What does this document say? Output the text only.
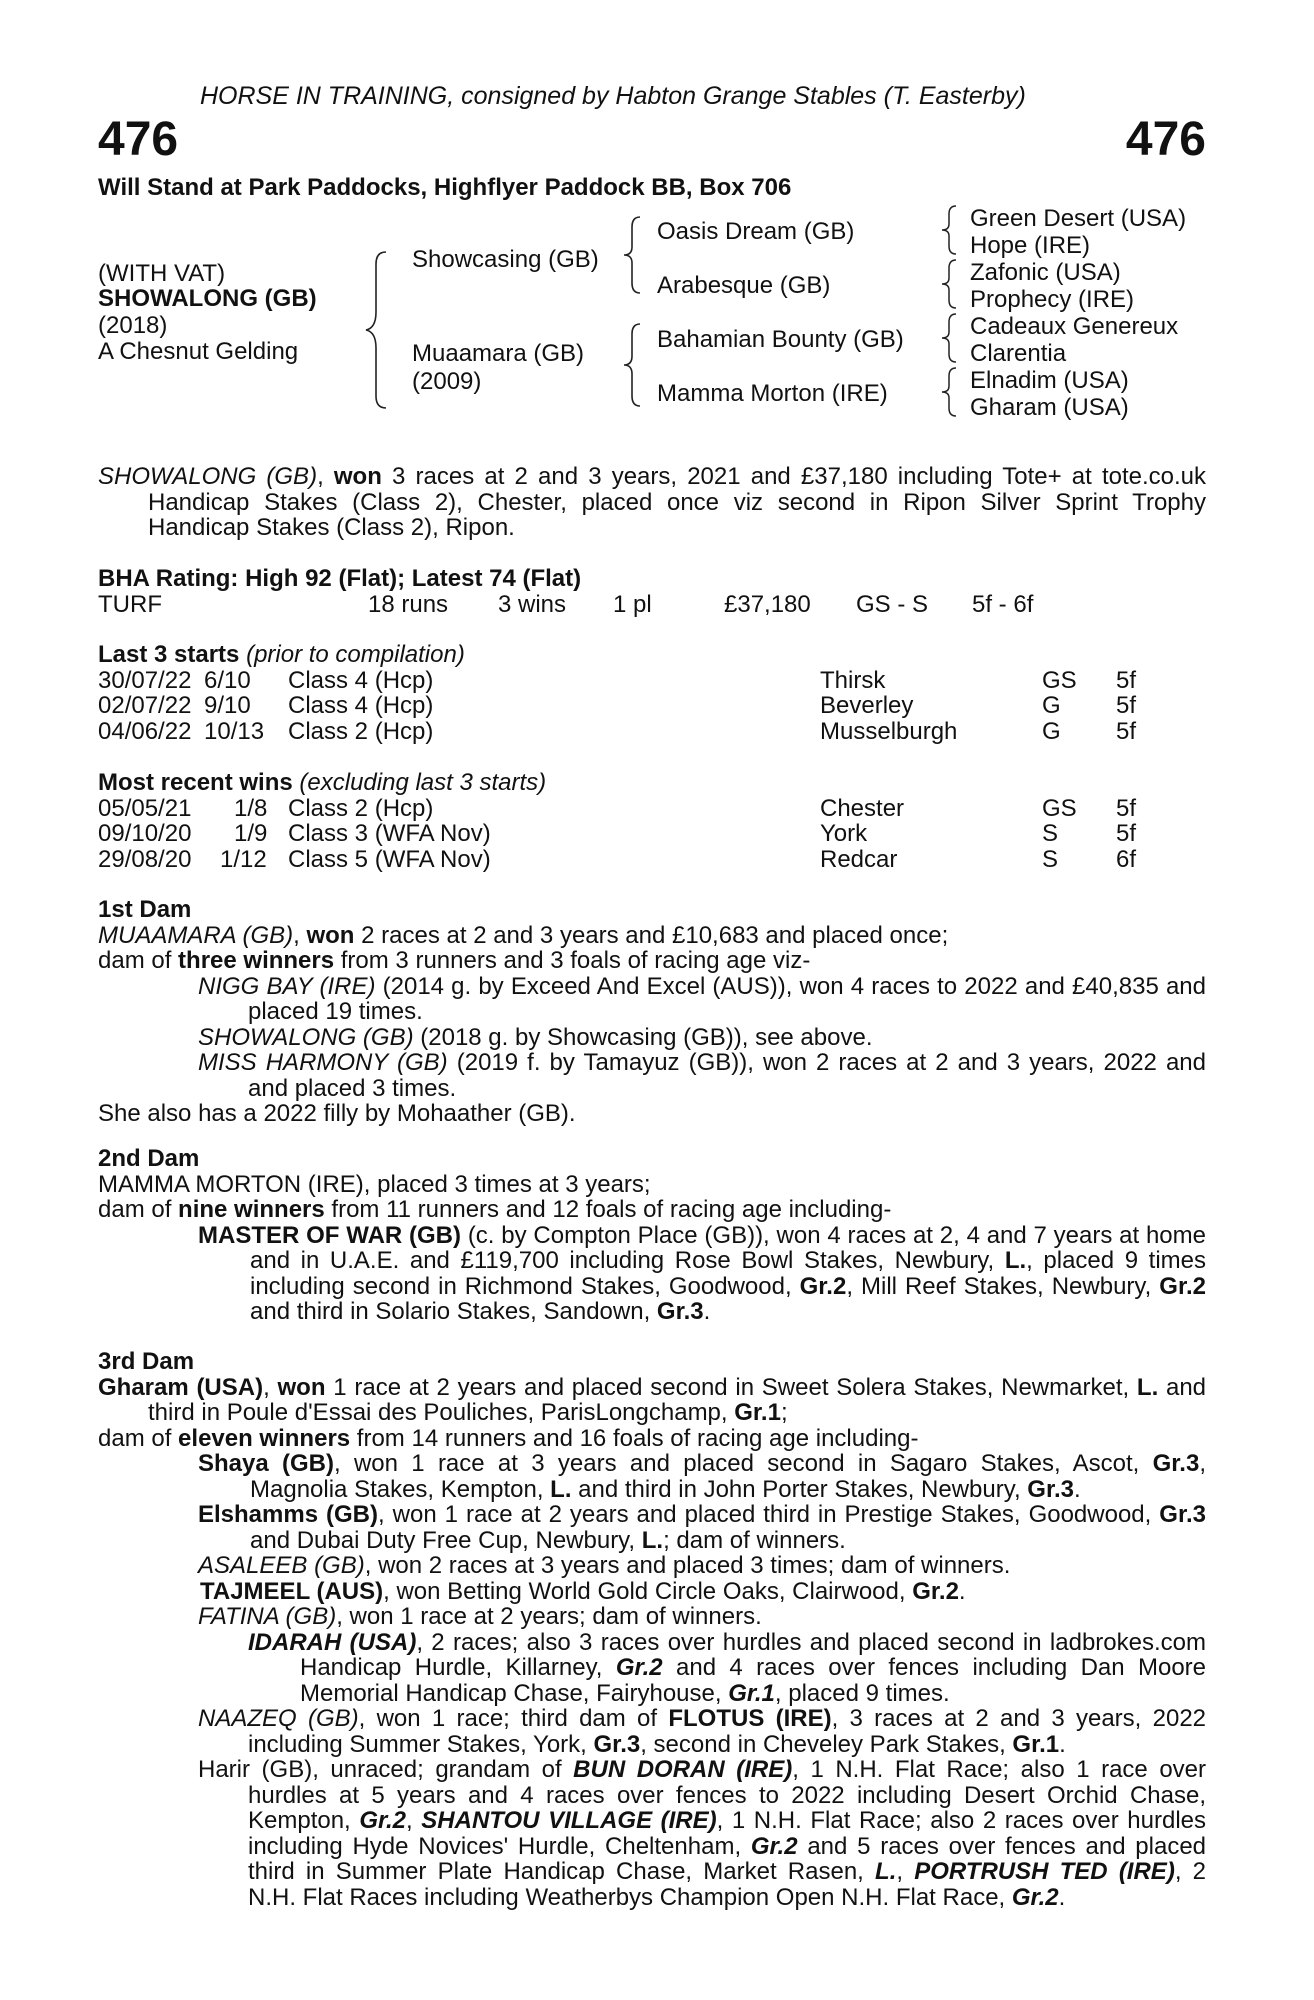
HORSE IN TRAINING, consigned by Habton Grange Stables (T. Easterby)
476	476
Will Stand at Park Paddocks, Highflyer Paddock BB, Box 706
(WITH VAT)
SHOWALONG (GB)
(2018)
A Chesnut Gelding
Showcasing (GB)
Muaamara (GB)
(2009)
Oasis Dream (GB)
Arabesque (GB)
Bahamian Bounty (GB)
Mamma Morton (IRE)
Green Desert (USA)
Hope (IRE)
Zafonic (USA)
Prophecy (IRE)
Cadeaux Genereux
Clarentia
Elnadim (USA)
Gharam (USA)

SHOWALONG (GB), won 3 races at 2 and 3 years, 2021 and £37,180 including Tote+ at tote.co.uk Handicap Stakes (Class 2), Chester, placed once viz second in Ripon Silver Sprint Trophy Handicap Stakes (Class 2), Ripon.

BHA Rating: High 92 (Flat); Latest 74 (Flat)
TURF	18 runs 3 wins 1 pl	£37,180 GS - S 5f - 6f
Last 3 starts (prior to compilation)
30/07/22 6/10 Class 4 (Hcp)	Thirsk	GS 5f
02/07/22 9/10 Class 4 (Hcp)	Beverley	G 5f
04/06/22 10/13 Class 2 (Hcp)	Musselburgh	G 5f
Most recent wins (excluding last 3 starts)
05/05/21 1/8 Class 2 (Hcp)	Chester	GS 5f
09/10/20 1/9 Class 3 (WFA Nov)	York	S 5f
29/08/20 1/12 Class 5 (WFA Nov)	Redcar	S 6f
1st Dam

MUAAMARA (GB), won 2 races at 2 and 3 years and £10,683 and placed once;

dam of three winners from 3 runners and 3 foals of racing age viz-

NIGG BAY (IRE) (2014 g. by Exceed And Excel (AUS)), won 4 races to 2022 and £40,835 and placed 19 times.

SHOWALONG (GB) (2018 g. by Showcasing (GB)), see above.

MISS HARMONY (GB) (2019 f. by Tamayuz (GB)), won 2 races at 2 and 3 years, 2022 and and placed 3 times.

She also has a 2022 filly by Mohaather (GB).

2nd Dam

MAMMA MORTON (IRE), placed 3 times at 3 years;

dam of nine winners from 11 runners and 12 foals of racing age including-

MASTER OF WAR (GB) (c. by Compton Place (GB)), won 4 races at 2, 4 and 7 years at home and in U.A.E. and £119,700 including Rose Bowl Stakes, Newbury, L., placed 9 times including second in Richmond Stakes, Goodwood, Gr.2, Mill Reef Stakes, Newbury, Gr.2 and third in Solario Stakes, Sandown, Gr.3.

3rd Dam

Gharam (USA), won 1 race at 2 years and placed second in Sweet Solera Stakes, Newmarket, L. and third in Poule d'Essai des Pouliches, ParisLongchamp, Gr.1;

dam of eleven winners from 14 runners and 16 foals of racing age including-

Shaya (GB), won 1 race at 3 years and placed second in Sagaro Stakes, Ascot, Gr.3, Magnolia Stakes, Kempton, L. and third in John Porter Stakes, Newbury, Gr.3.

Elshamms (GB), won 1 race at 2 years and placed third in Prestige Stakes, Goodwood, Gr.3 and Dubai Duty Free Cup, Newbury, L.; dam of winners.

ASALEEB (GB), won 2 races at 3 years and placed 3 times; dam of winners.

TAJMEEL (AUS), won Betting World Gold Circle Oaks, Clairwood, Gr.2.

FATINA (GB), won 1 race at 2 years; dam of winners.

IDARAH (USA), 2 races; also 3 races over hurdles and placed second in ladbrokes.com Handicap Hurdle, Killarney, Gr.2 and 4 races over fences including Dan Moore Memorial Handicap Chase, Fairyhouse, Gr.1, placed 9 times.

NAAZEQ (GB), won 1 race; third dam of FLOTUS (IRE), 3 races at 2 and 3 years, 2022 including Summer Stakes, York, Gr.3, second in Cheveley Park Stakes, Gr.1.

Harir (GB), unraced; grandam of BUN DORAN (IRE), 1 N.H. Flat Race; also 1 race over hurdles at 5 years and 4 races over fences to 2022 including Desert Orchid Chase, Kempton, Gr.2, SHANTOU VILLAGE (IRE), 1 N.H. Flat Race; also 2 races over hurdles including Hyde Novices' Hurdle, Cheltenham, Gr.2 and 5 races over fences and placed third in Summer Plate Handicap Chase, Market Rasen, L., PORTRUSH TED (IRE), 2 N.H. Flat Races including Weatherbys Champion Open N.H. Flat Race, Gr.2.
